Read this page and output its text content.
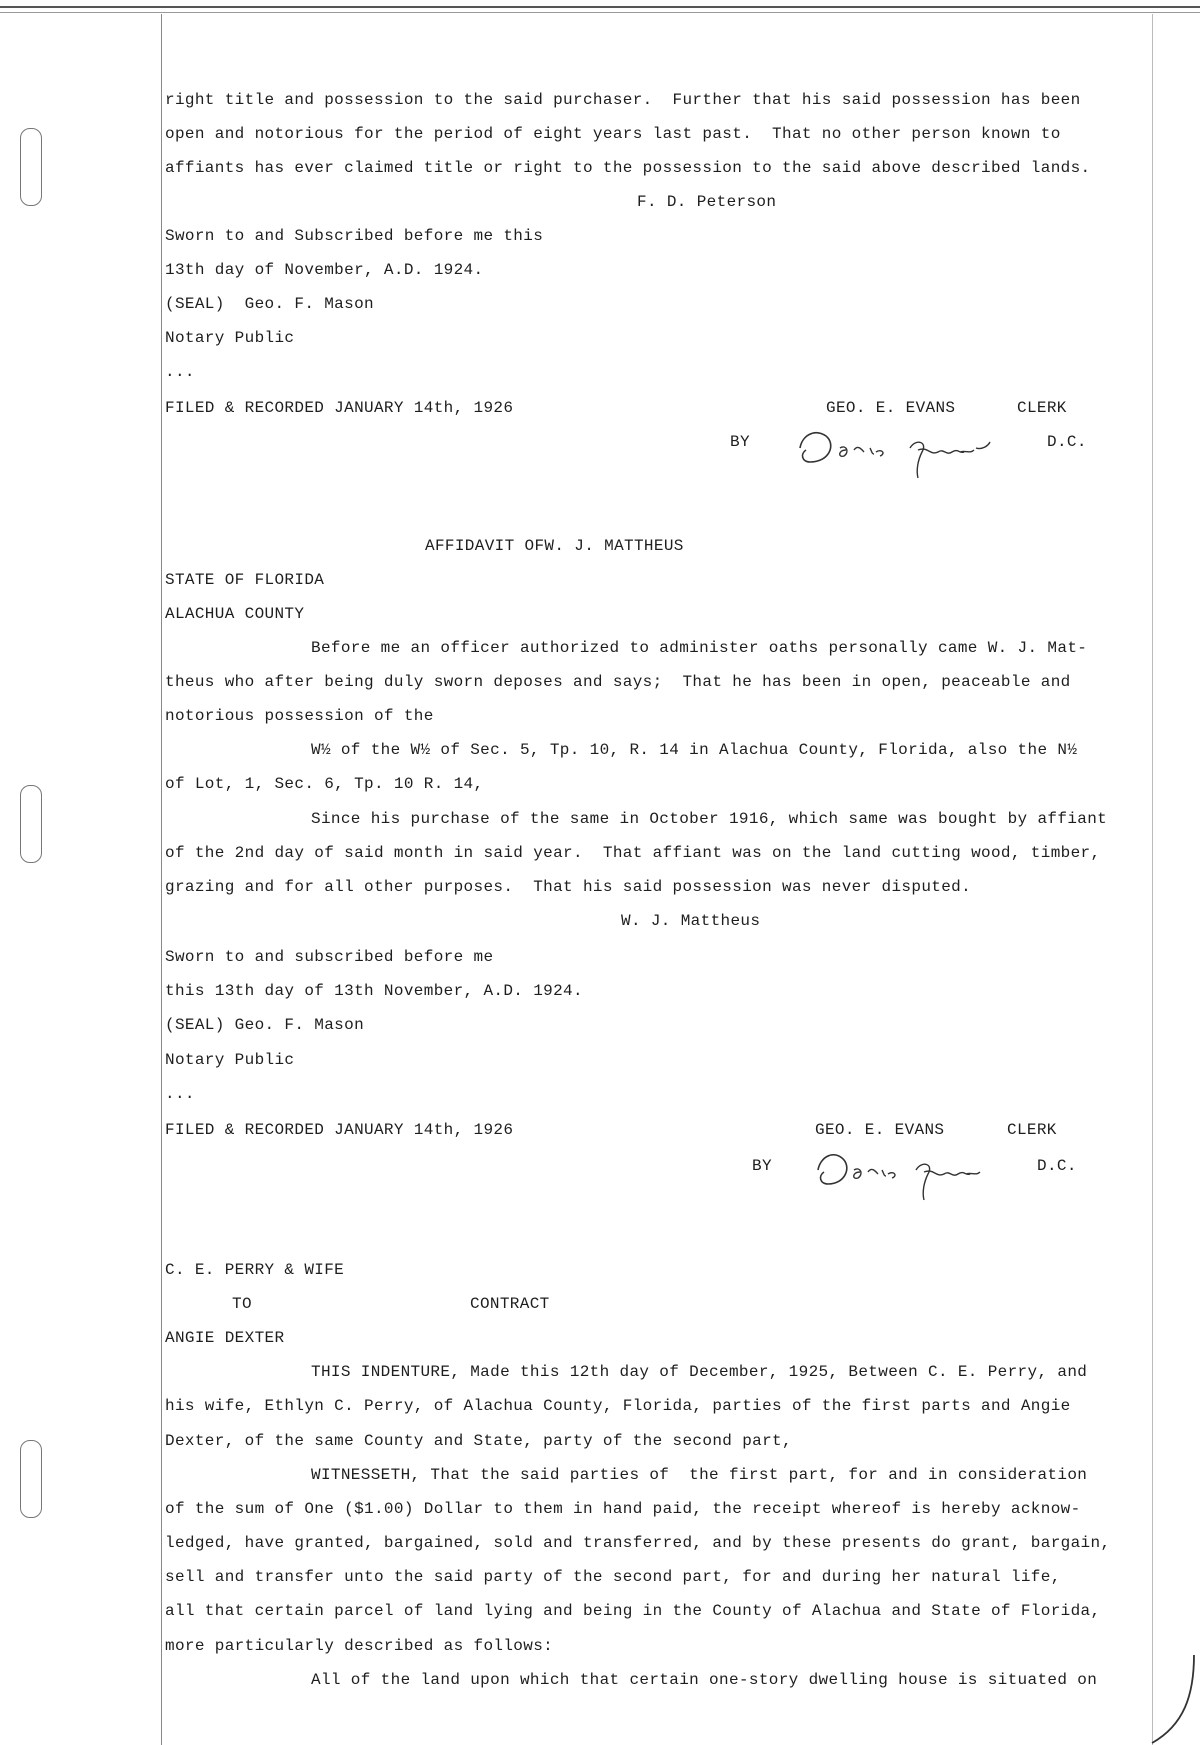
right title and possession to the said purchaser.  Further that his said possession has been
open and notorious for the period of eight years last past.  That no other person known to
affiants has ever claimed title or right to the possession to the said above described lands.
F. D. Peterson
Sworn to and Subscribed before me this
13th day of November, A.D. 1924.
(SEAL)  Geo. F. Mason
Notary Public
...
FILED & RECORDED JANUARY 14th, 1926	GEO. E. EVANS	CLERK
BY	D.C.
AFFIDAVIT OFW. J. MATTHEUS
STATE OF FLORIDA
ALACHUA COUNTY
Before me an officer authorized to administer oaths personally came W. J. Mat-
theus who after being duly sworn deposes and says;  That he has been in open, peaceable and
notorious possession of the
W½ of the W½ of Sec. 5, Tp. 10, R. 14 in Alachua County, Florida, also the N½
of Lot, 1, Sec. 6, Tp. 10 R. 14,
Since his purchase of the same in October 1916, which same was bought by affiant
of the 2nd day of said month in said year.  That affiant was on the land cutting wood, timber,
grazing and for all other purposes.  That his said possession was never disputed.
W. J. Mattheus
Sworn to and subscribed before me
this 13th day of 13th November, A.D. 1924.
(SEAL) Geo. F. Mason
Notary Public
...
FILED & RECORDED JANUARY 14th, 1926	GEO. E. EVANS	CLERK
BY	D.C.
C. E. PERRY & WIFE
TO	CONTRACT
ANGIE DEXTER
THIS INDENTURE, Made this 12th day of December, 1925, Between C. E. Perry, and
his wife, Ethlyn C. Perry, of Alachua County, Florida, parties of the first parts and Angie
Dexter, of the same County and State, party of the second part,
WITNESSETH, That the said parties of  the first part, for and in consideration
of the sum of One ($1.00) Dollar to them in hand paid, the receipt whereof is hereby acknow-
ledged, have granted, bargained, sold and transferred, and by these presents do grant, bargain,
sell and transfer unto the said party of the second part, for and during her natural life,
all that certain parcel of land lying and being in the County of Alachua and State of Florida,
more particularly described as follows:
All of the land upon which that certain one-story dwelling house is situated on
